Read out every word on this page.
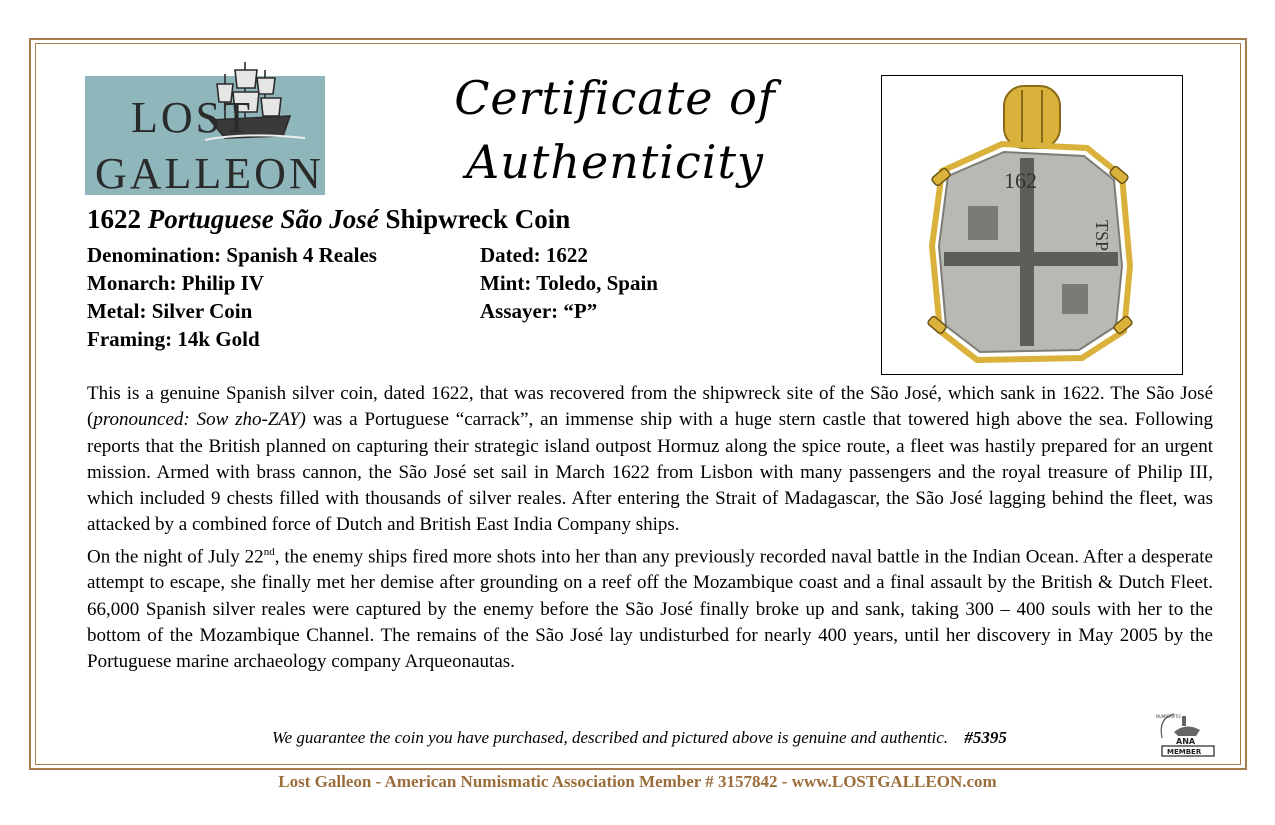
LOST
GALLEON
Certificate of
Authenticity	162
TSP
1622 Portuguese São José Shipwreck Coin
Denomination: Spanish 4 Reales
Monarch: Philip IV
Metal: Silver Coin
Framing: 14k Gold
Dated: 1622
Mint: Toledo, Spain
Assayer: “P”

This is a genuine Spanish silver coin, dated 1622, that was recovered from the shipwreck site of the São José, which sank in 1622. The São José (pronounced: Sow zho-ZAY) was a Portuguese “carrack”, an immense ship with a huge stern castle that towered high above the sea. Following reports that the British planned on capturing their strategic island outpost Hormuz along the spice route, a fleet was hastily prepared for an urgent mission. Armed with brass cannon, the São José set sail in March 1622 from Lisbon with many passengers and the royal treasure of Philip III, which included 9 chests filled with thousands of silver reales. After entering the Strait of Madagascar, the São José lagging behind the fleet, was attacked by a combined force of Dutch and British East India Company ships.

On the night of July 22nd, the enemy ships fired more shots into her than any previously recorded naval battle in the Indian Ocean. After a desperate attempt to escape, she finally met her demise after grounding on a reef off the Mozambique coast and a final assault by the British & Dutch Fleet. 66,000 Spanish silver reales were captured by the enemy before the São José finally broke up and sank, taking 300 – 400 souls with her to the bottom of the Mozambique Channel. The remains of the São José lay undisturbed for nearly 400 years, until her discovery in May 2005 by the Portuguese marine archaeology company Arqueonautas.

We guarantee the coin you have purchased, described and pictured above is genuine and authentic. #5395
NUMISMATIC
ANA
MEMBER
Lost Galleon - American Numismatic Association Member # 3157842 - www.LOSTGALLEON.com
